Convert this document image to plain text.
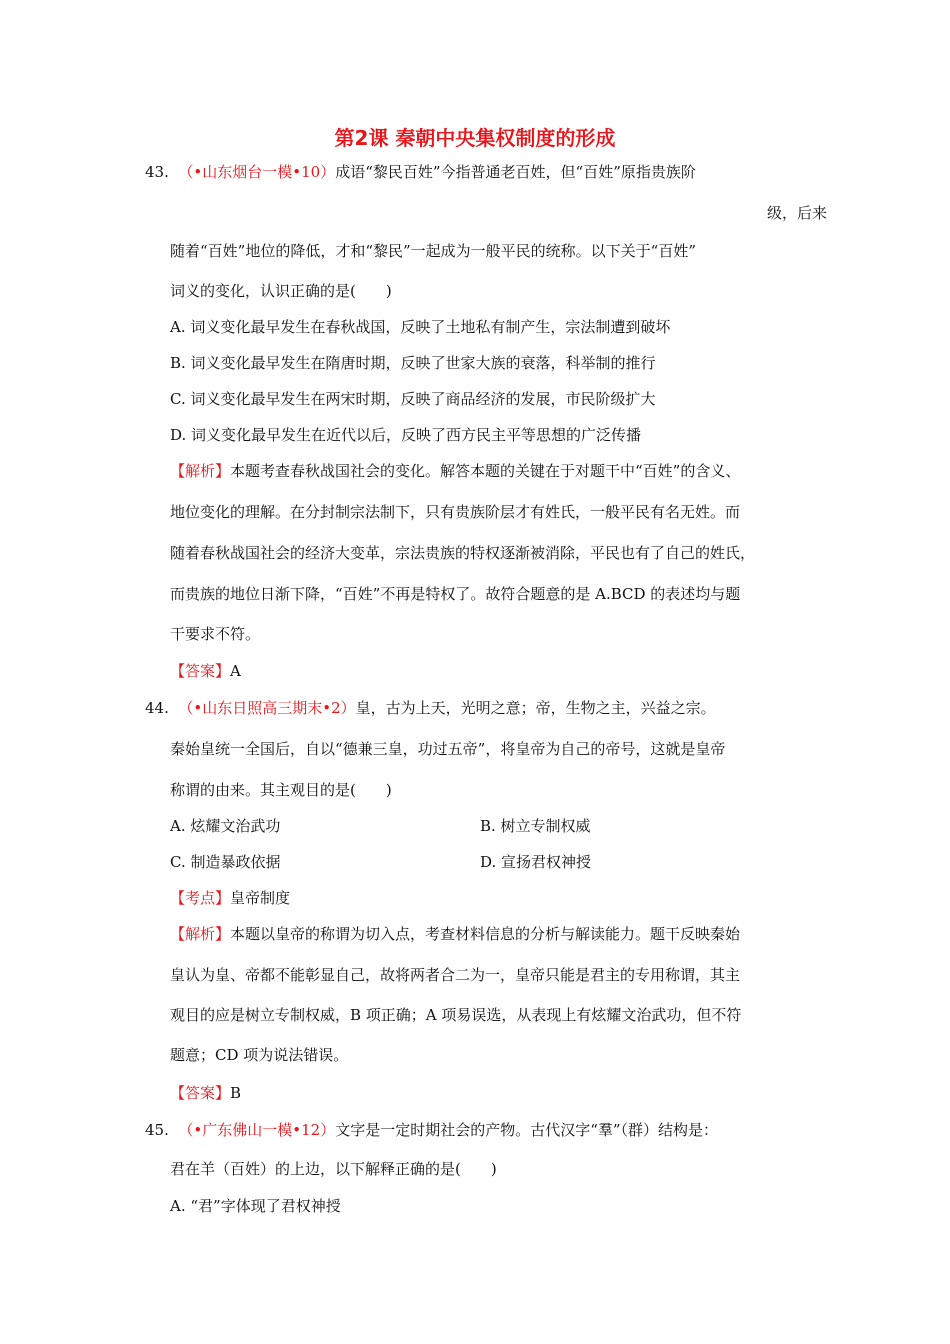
第2课 秦朝中央集权制度的形成
43. （•山东烟台一模•10）成语“黎民百姓”今指普通老百姓，但“百姓”原指贵族阶
级，后来
随着“百姓”地位的降低，才和“黎民”一起成为一般平民的统称。以下关于“百姓”
词义的变化，认识正确的是(　　)
A. 词义变化最早发生在春秋战国，反映了土地私有制产生，宗法制遭到破坏
B. 词义变化最早发生在隋唐时期，反映了世家大族的衰落，科举制的推行
C. 词义变化最早发生在两宋时期，反映了商品经济的发展，市民阶级扩大
D. 词义变化最早发生在近代以后，反映了西方民主平等思想的广泛传播
【解析】本题考查春秋战国社会的变化。解答本题的关键在于对题干中“百姓”的含义、
地位变化的理解。在分封制宗法制下，只有贵族阶层才有姓氏，一般平民有名无姓。而
随着春秋战国社会的经济大变革，宗法贵族的特权逐渐被消除，平民也有了自己的姓氏，
而贵族的地位日渐下降，“百姓”不再是特权了。故符合题意的是 A.BCD 的表述均与题
干要求不符。
【答案】A
44. （•山东日照高三期末•2）皇，古为上天，光明之意；帝，生物之主，兴益之宗。
秦始皇统一全国后，自以“德兼三皇，功过五帝”，将皇帝为自己的帝号，这就是皇帝
称谓的由来。其主观目的是(　　)
A. 炫耀文治武功	B. 树立专制权威
C. 制造暴政依据	D. 宣扬君权神授
【考点】皇帝制度
【解析】本题以皇帝的称谓为切入点，考查材料信息的分析与解读能力。题干反映秦始
皇认为皇、帝都不能彰显自己，故将两者合二为一，皇帝只能是君主的专用称谓，其主
观目的应是树立专制权威，B 项正确；A 项易误选，从表现上有炫耀文治武功，但不符
题意；CD 项为说法错误。
【答案】B
45. （•广东佛山一模•12）文字是一定时期社会的产物。古代汉字“羣”（群）结构是：
君在羊（百姓）的上边，以下解释正确的是(　　)
A. “君”字体现了君权神授
